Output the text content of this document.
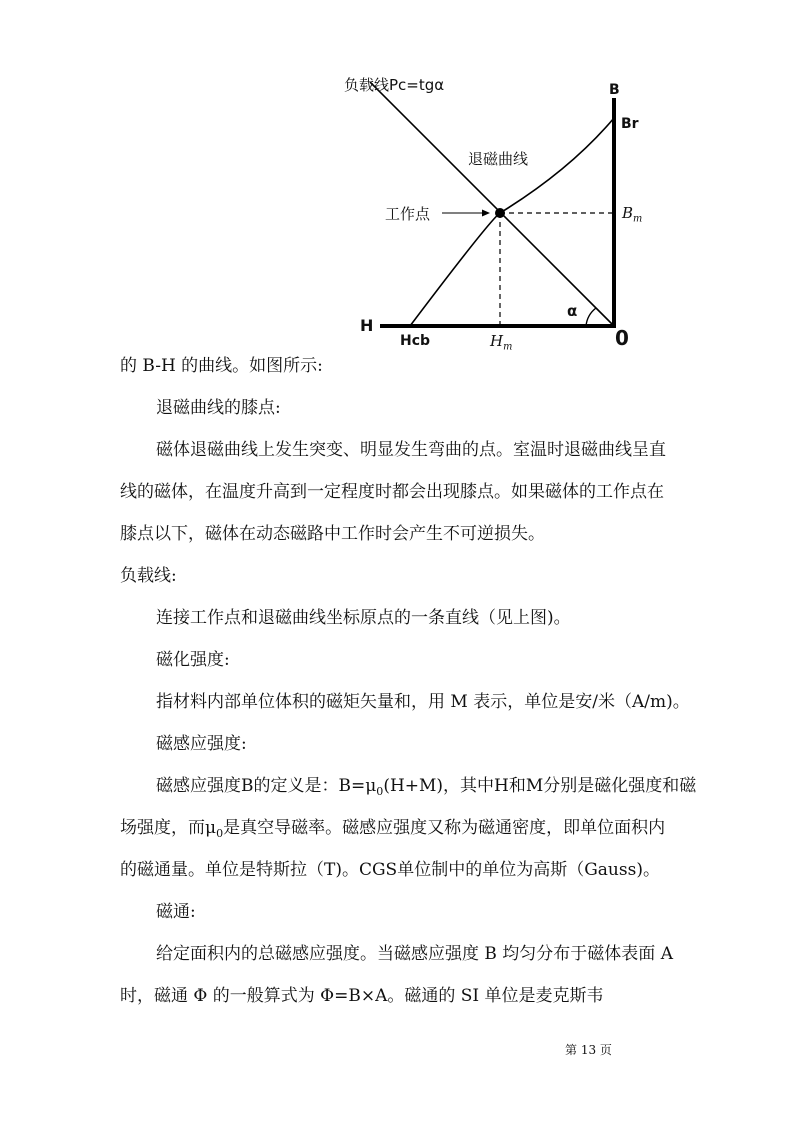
负载线Pc=tgα	B
Br
$B_m$
退磁曲线
工作点
H
Hcb	$H_m$
α
0
的 B-H 的曲线。如图所示:
退磁曲线的膝点:
磁体退磁曲线上发生突变、明显发生弯曲的点。室温时退磁曲线呈直
线的磁体，在温度升高到一定程度时都会出现膝点。如果磁体的工作点在
膝点以下，磁体在动态磁路中工作时会产生不可逆损失。
负载线:
连接工作点和退磁曲线坐标原点的一条直线（见上图)。
磁化强度:
指材料内部单位体积的磁矩矢量和，用 M 表示，单位是安/米（A/m)。
磁感应强度:
磁感应强度B的定义是：$B=\mu_0(H+M)$，其中H和M分别是磁化强度和磁
场强度，而$\mu_0$是真空导磁率。磁感应强度又称为磁通密度，即单位面积内
的磁通量。单位是特斯拉（T)。CGS单位制中的单位为高斯（Gauss)。
磁通:
给定面积内的总磁感应强度。当磁感应强度 B 均匀分布于磁体表面 A
时，磁通 Φ 的一般算式为 Φ=B×A。磁通的 SI 单位是麦克斯韦
第 13 页
